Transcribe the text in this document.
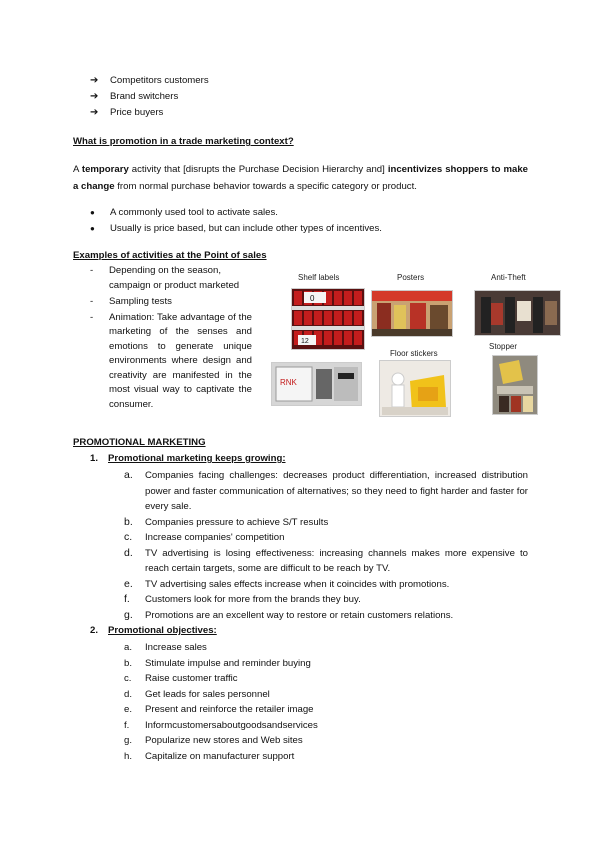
➔	Competitors customers
➔	Brand switchers
➔	Price buyers
What is promotion in a trade marketing context?
A temporary activity that [disrupts the Purchase Decision Hierarchy and] incentivizes shoppers to make a change from normal purchase behavior towards a specific category or product.
●	A commonly used tool to activate sales.
●	Usually is price based, but can include other types of incentives.
Examples of activities at the Point of sales
-	Depending on the season, campaign or product marketed
-	Sampling tests
-	Animation: Take advantage of the marketing of the senses and emotions to generate unique environments where design and creativity are manifested in the most visual way to captivate the consumer.
Shelf labels	Posters	Anti-Theft
Floor stickers
Stopper
0
12
RNK
PROMOTIONAL MARKETING
1. Promotional marketing keeps growing:
a.	Companies facing challenges: decreases product differentiation, increased distribution power and faster communication of alternatives; so they need to fight harder and faster for every sale.
b.	Companies pressure to achieve S/T results
c.	Increase companies' competition
d.	TV advertising is losing effectiveness: increasing channels makes more expensive to reach certain targets, some are difficult to be reach by TV.
e.	TV advertising sales effects increase when it coincides with promotions.
f.	Customers look for more from the brands they buy.
g.	Promotions are an excellent way to restore or retain customers relations.
2. Promotional objectives:
a.	Increase sales
b.	Stimulate impulse and reminder buying
c.	Raise customer traffic
d.	Get leads for sales personnel
e.	Present and reinforce the retailer image
f.	Informcustomersaboutgoodsandservices
g.	Popularize new stores and Web sites
h.	Capitalize on manufacturer support
